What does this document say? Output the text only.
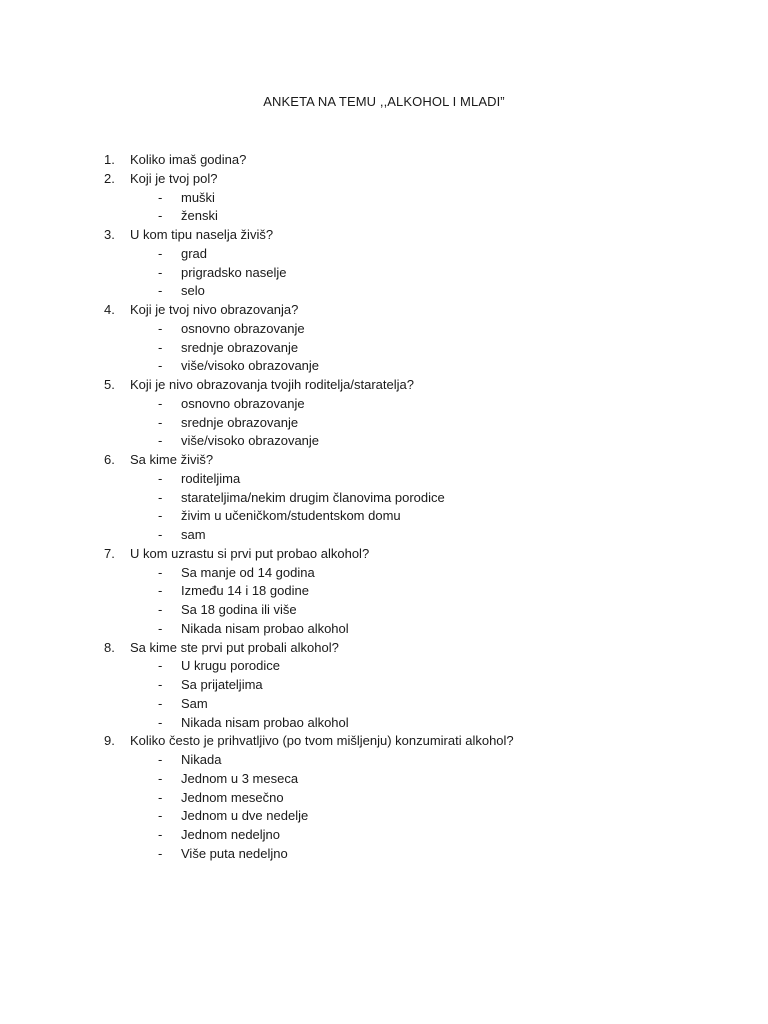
ANKETA NA TEMU ,,ALKOHOL I MLADI”
1.	Koliko imaš godina?
2.	Koji je tvoj pol?
- muški
- ženski
3.	U kom tipu naselja živiš?
- grad
- prigradsko naselje
- selo
4.	Koji je tvoj nivo obrazovanja?
- osnovno obrazovanje
- srednje obrazovanje
- više/visoko obrazovanje
5.	Koji je nivo obrazovanja tvojih roditelja/staratelja?
- osnovno obrazovanje
- srednje obrazovanje
- više/visoko obrazovanje
6.	Sa kime živiš?
- roditeljima
- starateljima/nekim drugim članovima porodice
- živim u učeničkom/studentskom domu
- sam
7.	U kom uzrastu si prvi put probao alkohol?
- Sa manje od 14 godina
- Između 14 i 18 godine
- Sa 18 godina ili više
- Nikada nisam probao alkohol
8.	Sa kime ste prvi put probali alkohol?
- U krugu porodice
- Sa prijateljima
- Sam
- Nikada nisam probao alkohol
9.	Koliko često je prihvatljivo (po tvom mišljenju) konzumirati alkohol?
- Nikada
- Jednom u 3 meseca
- Jednom mesečno
- Jednom u dve nedelje
- Jednom nedeljno
- Više puta nedeljno
